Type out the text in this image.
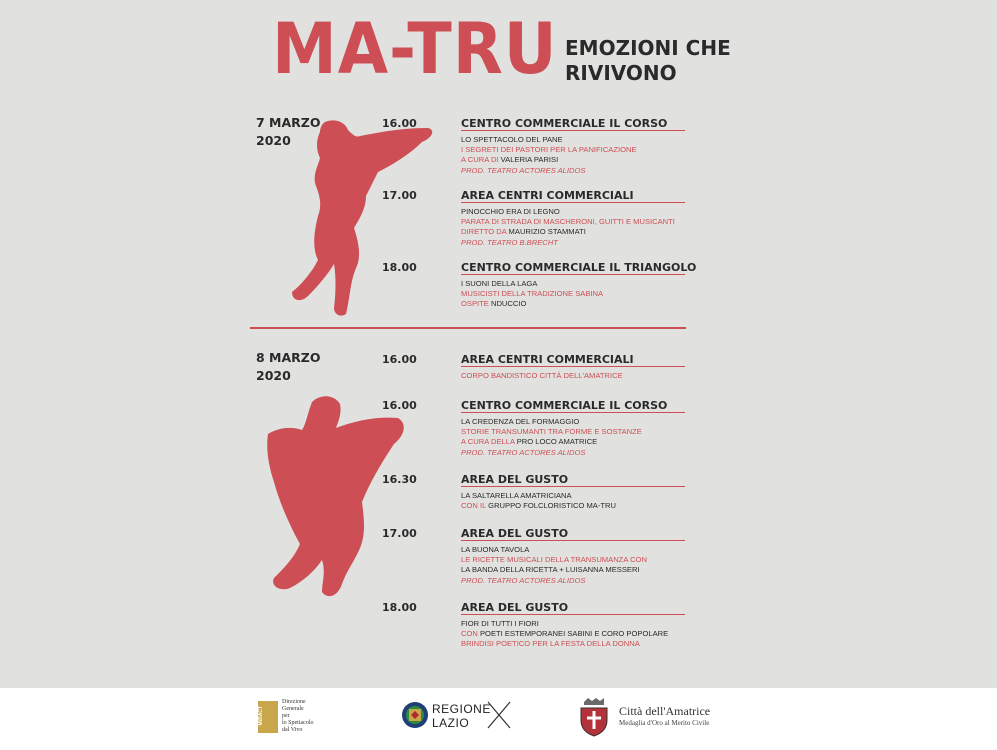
MA-TRU EMOZIONI CHE
RIVIVONO
7 MARZO
2020
16.00	CENTRO COMMERCIALE IL CORSO
LO SPETTACOLO DEL PANE
I SEGRETI DEI PASTORI PER LA PANIFICAZIONE
A CURA DI VALERIA PARISI
PROD. TEATRO ACTORES ALIDOS
17.00	AREA CENTRI COMMERCIALI
PINOCCHIO ERA DI LEGNO
PARATA DI STRADA DI MASCHERONI, GUITTI E MUSICANTI
DIRETTO DA MAURIZIO STAMMATI
PROD. TEATRO B.BRECHT
18.00	CENTRO COMMERCIALE IL TRIANGOLO
I SUONI DELLA LAGA
MUSICISTI DELLA TRADIZIONE SABINA
OSPITE NDUCCIO
8 MARZO
2020
16.00	AREA CENTRI COMMERCIALI
CORPO BANDISTICO CITTÀ DELL'AMATRICE
16.00	CENTRO COMMERCIALE IL CORSO
LA CREDENZA DEL FORMAGGIO
STORIE TRANSUMANTI TRA FORME E SOSTANZE
A CURA DELLA PRO LOCO AMATRICE
PROD. TEATRO ACTORES ALIDOS
16.30	AREA DEL GUSTO
LA SALTARELLA AMATRICIANA
CON IL GRUPPO FOLCLORISTICO MA-TRU
17.00	AREA DEL GUSTO
LA BUONA TAVOLA
LE RICETTE MUSICALI DELLA TRANSUMANZA CON
LA BANDA DELLA RICETTA + LUISANNA MESSERI
PROD. TEATRO ACTORES ALIDOS
18.00	AREA DEL GUSTO
FIOR DI TUTTI I FIORI
CON POETI ESTEMPORANEI SABINI E CORO POPOLARE
BRINDISI POETICO PER LA FESTA DELLA DONNA
MiBACT
Direzione
Generale
per
lo Spettacolo
dal Vivo
REGIONE
LAZIO
Città dell'Amatrice
Medaglia d'Oro al Merito Civile
